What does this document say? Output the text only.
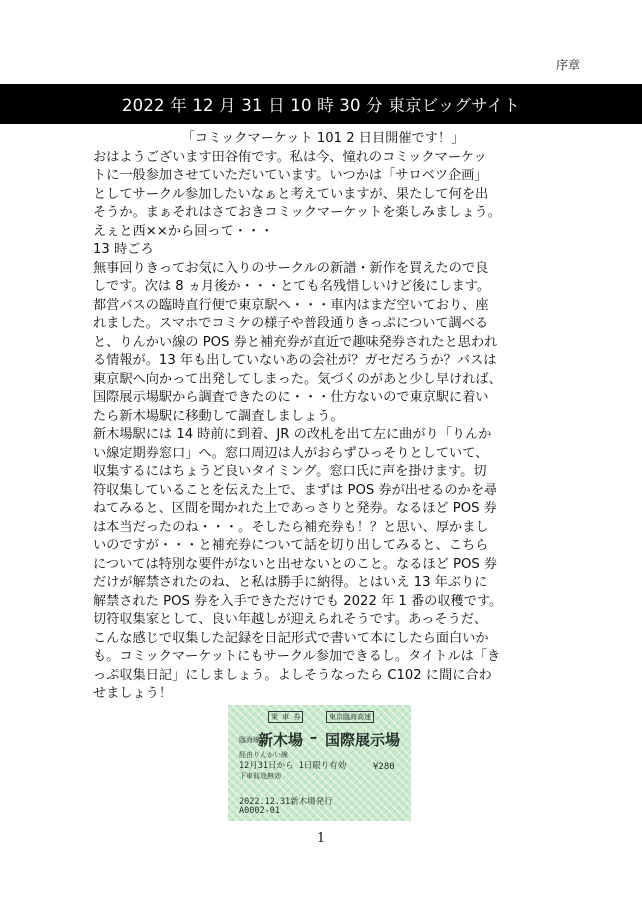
序章
2022 年 12 月 31 日 10 時 30 分 東京ビッグサイト

「コミックマーケット 101 2 日目開催です！」

おはようございます田谷侑です。私は今、憧れのコミックマーケッ

トに一般参加させていただいています。いつかは「サロベツ企画」

としてサークル参加したいなぁと考えていますが、果たして何を出

そうか。まぁそれはさておきコミックマーケットを楽しみましょう。

えぇと西××から回って・・・

13 時ごろ

無事回りきってお気に入りのサークルの新譜・新作を買えたので良

しです。次は 8 ヵ月後か・・・とても名残惜しいけど後にします。

都営バスの臨時直行便で東京駅へ・・・車内はまだ空いており、座

れました。スマホでコミケの様子や普段通りきっぷについて調べる

と、りんかい線の POS 券と補充券が直近で趣味発券されたと思われ

る情報が。13 年も出していないあの会社が？ガセだろうか？バスは

東京駅へ向かって出発してしまった。気づくのがあと少し早ければ、

国際展示場駅から調査できたのに・・・仕方ないので東京駅に着い

たら新木場駅に移動して調査しましょう。

新木場駅には 14 時前に到着、JR の改札を出て左に曲がり「りんか

い線定期券窓口」へ。窓口周辺は人がおらずひっそりとしていて、

収集するにはちょうど良いタイミング。窓口氏に声を掛けます。切

符収集していることを伝えた上で、まずは POS 券が出せるのかを尋

ねてみると、区間を聞かれた上であっさりと発券。なるほど POS 券

は本当だったのね・・・。そしたら補充券も！？と思い、厚かまし

いのですが・・・と補充券について話を切り出してみると、こちら

については特別な要件がないと出せないとのこと。なるほど POS 券

だけが解禁されたのね、と私は勝手に納得。とはいえ 13 年ぶりに

解禁された POS 券を入手できただけでも 2022 年 1 番の収穫です。

切符収集家として、良い年越しが迎えられそうです。あっそうだ、

こんな感じで収集した記録を日記形式で書いて本にしたら面白いか

も。コミックマーケットにもサークル参加できるし。タイトルは「き

っぷ収集日記」にしましょう。よしそうなったら C102 に間に合わ

せましょう！

乗 車 券	東京臨海高速
臨海線
新木場 ➡ 国際展示場
経由りんかい線
12月31日から 1日限り有効
下車前途無効
¥280
2022.12.31新木場発行
A0002-01
1
